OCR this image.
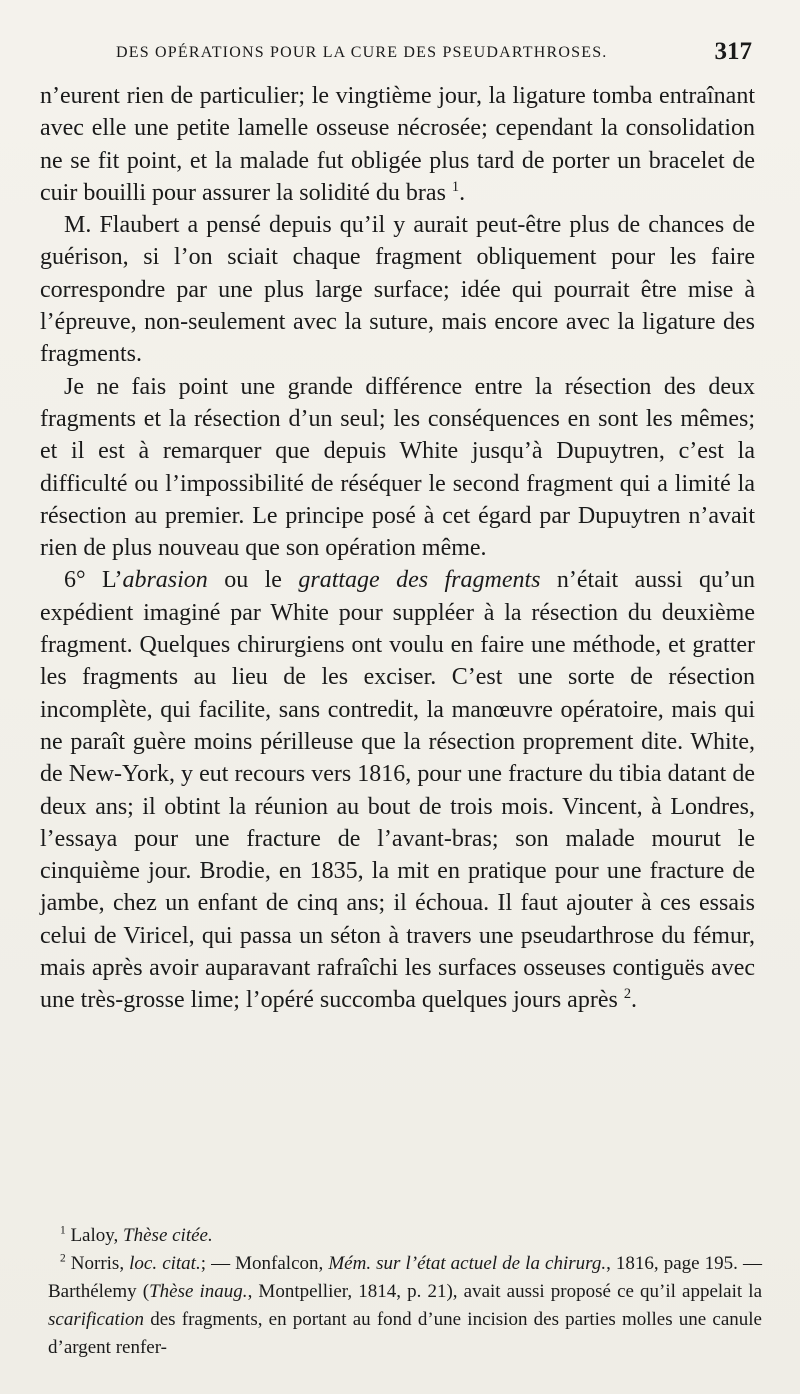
DES OPÉRATIONS POUR LA CURE DES PSEUDARTHROSES.	317

n’eurent rien de particulier; le vingtième jour, la ligature tomba entraînant avec elle une petite lamelle osseuse nécrosée; cependant la consolidation ne se fit point, et la malade fut obligée plus tard de porter un bracelet de cuir bouilli pour assurer la solidité du bras $^1$.

M. Flaubert a pensé depuis qu’il y aurait peut-être plus de chances de guérison, si l’on sciait chaque fragment obliquement pour les faire correspondre par une plus large surface; idée qui pourrait être mise à l’épreuve, non-seulement avec la suture, mais encore avec la ligature des fragments.

Je ne fais point une grande différence entre la résection des deux fragments et la résection d’un seul; les conséquences en sont les mêmes; et il est à remarquer que depuis White jusqu’à Dupuytren, c’est la difficulté ou l’impossibilité de réséquer le second fragment qui a limité la résection au premier. Le principe posé à cet égard par Dupuytren n’avait rien de plus nouveau que son opération même.

6° L’abrasion ou le grattage des fragments n’était aussi qu’un expédient imaginé par White pour suppléer à la résection du deuxième fragment. Quelques chirurgiens ont voulu en faire une méthode, et gratter les fragments au lieu de les exciser. C’est une sorte de résection incomplète, qui facilite, sans contredit, la manœuvre opératoire, mais qui ne paraît guère moins périlleuse que la résection proprement dite. White, de New-York, y eut recours vers 1816, pour une fracture du tibia datant de deux ans; il obtint la réunion au bout de trois mois. Vincent, à Londres, l’essaya pour une fracture de l’avant-bras; son malade mourut le cinquième jour. Brodie, en 1835, la mit en pratique pour une fracture de jambe, chez un enfant de cinq ans; il échoua. Il faut ajouter à ces essais celui de Viricel, qui passa un séton à travers une pseudarthrose du fémur, mais après avoir auparavant rafraîchi les surfaces osseuses contiguës avec une très-grosse lime; l’opéré succomba quelques jours après $^2$.

$^1$ Laloy, Thèse citée.

$^2$ Norris, loc. citat.; — Monfalcon, Mém. sur l’état actuel de la chirurg., 1816, page 195. — Barthélemy (Thèse inaug., Montpellier, 1814, p. 21), avait aussi proposé ce qu’il appelait la scarification des fragments, en portant au fond d’une incision des parties molles une canule d’argent renfer-
